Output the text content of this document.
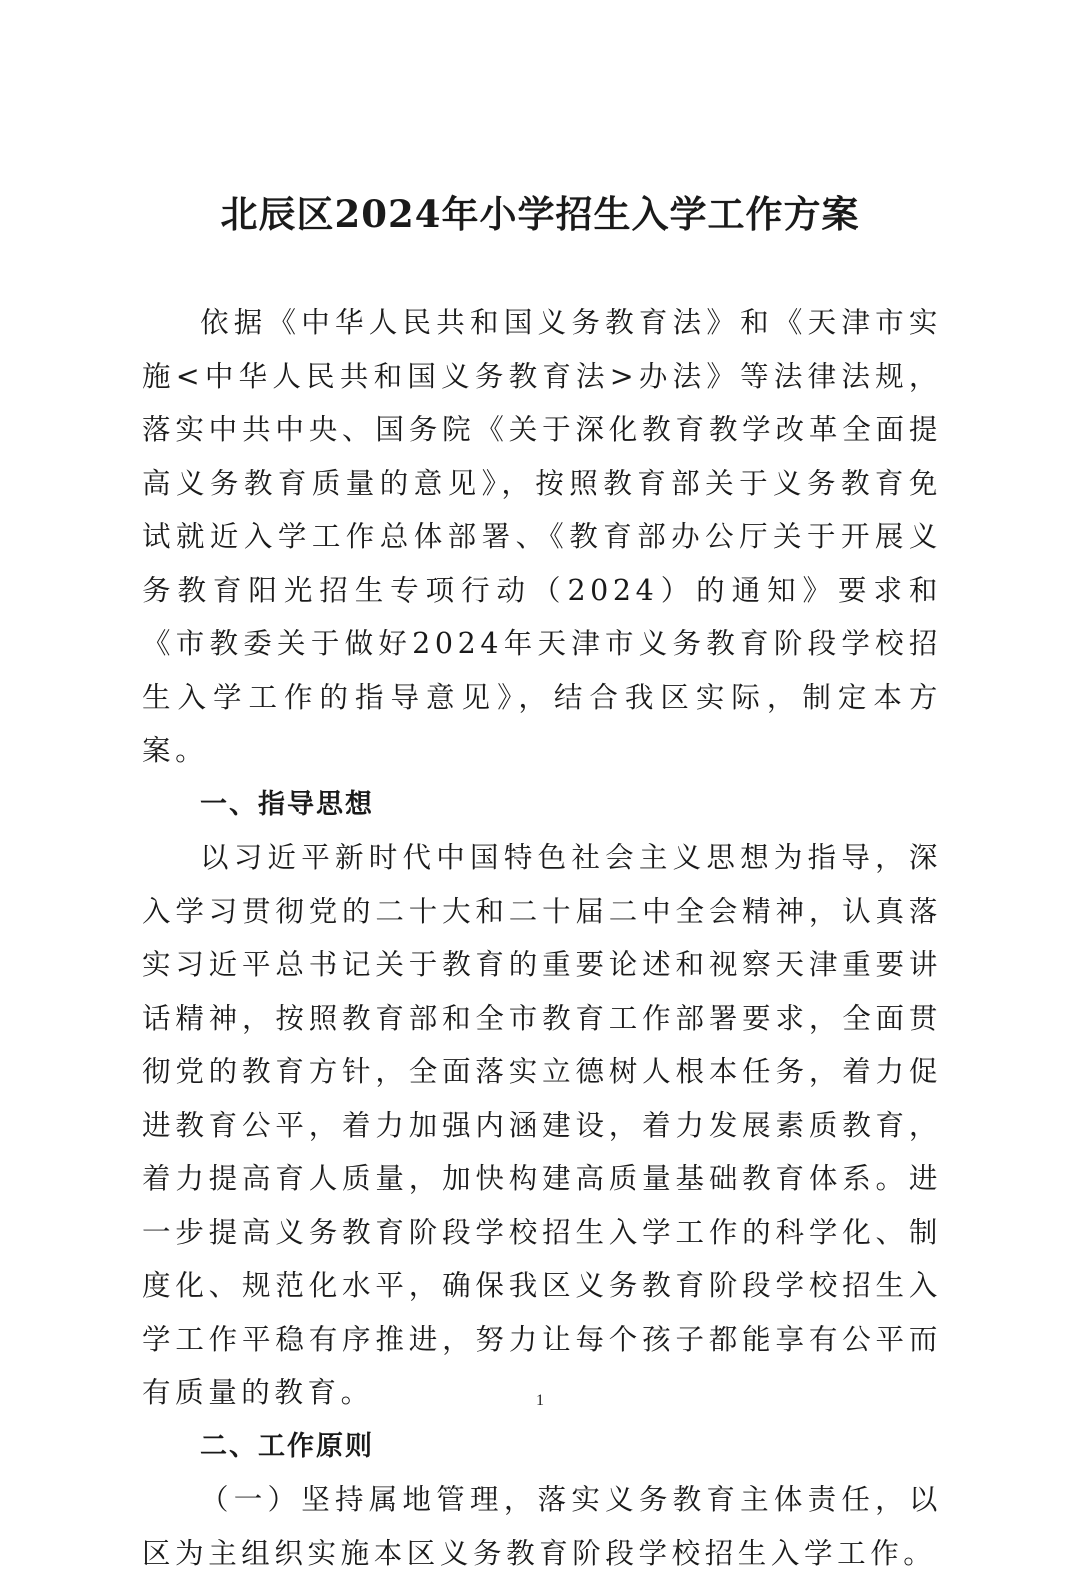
北辰区2024年小学招生入学工作方案

依据《中华人民共和国义务教育法》和《天津市实施<中华人民共和国义务教育法>办法》等法律法规，落实中共中央、国务院《关于深化教育教学改革全面提高义务教育质量的意见》，按照教育部关于义务教育免试就近入学工作总体部署、《教育部办公厅关于开展义务教育阳光招生专项行动（2024）的通知》要求和《市教委关于做好2024年天津市义务教育阶段学校招生入学工作的指导意见》，结合我区实际，制定本方案。

一、指导思想

以习近平新时代中国特色社会主义思想为指导，深入学习贯彻党的二十大和二十届二中全会精神，认真落实习近平总书记关于教育的重要论述和视察天津重要讲话精神，按照教育部和全市教育工作部署要求，全面贯彻党的教育方针，全面落实立德树人根本任务，着力促进教育公平，着力加强内涵建设，着力发展素质教育，着力提高育人质量，加快构建高质量基础教育体系。进一步提高义务教育阶段学校招生入学工作的科学化、制度化、规范化水平，确保我区义务教育阶段学校招生入学工作平稳有序推进，努力让每个孩子都能享有公平而有质量的教育。

二、工作原则

（一）坚持属地管理，落实义务教育主体责任，以区为主组织实施本区义务教育阶段学校招生入学工作。

1
